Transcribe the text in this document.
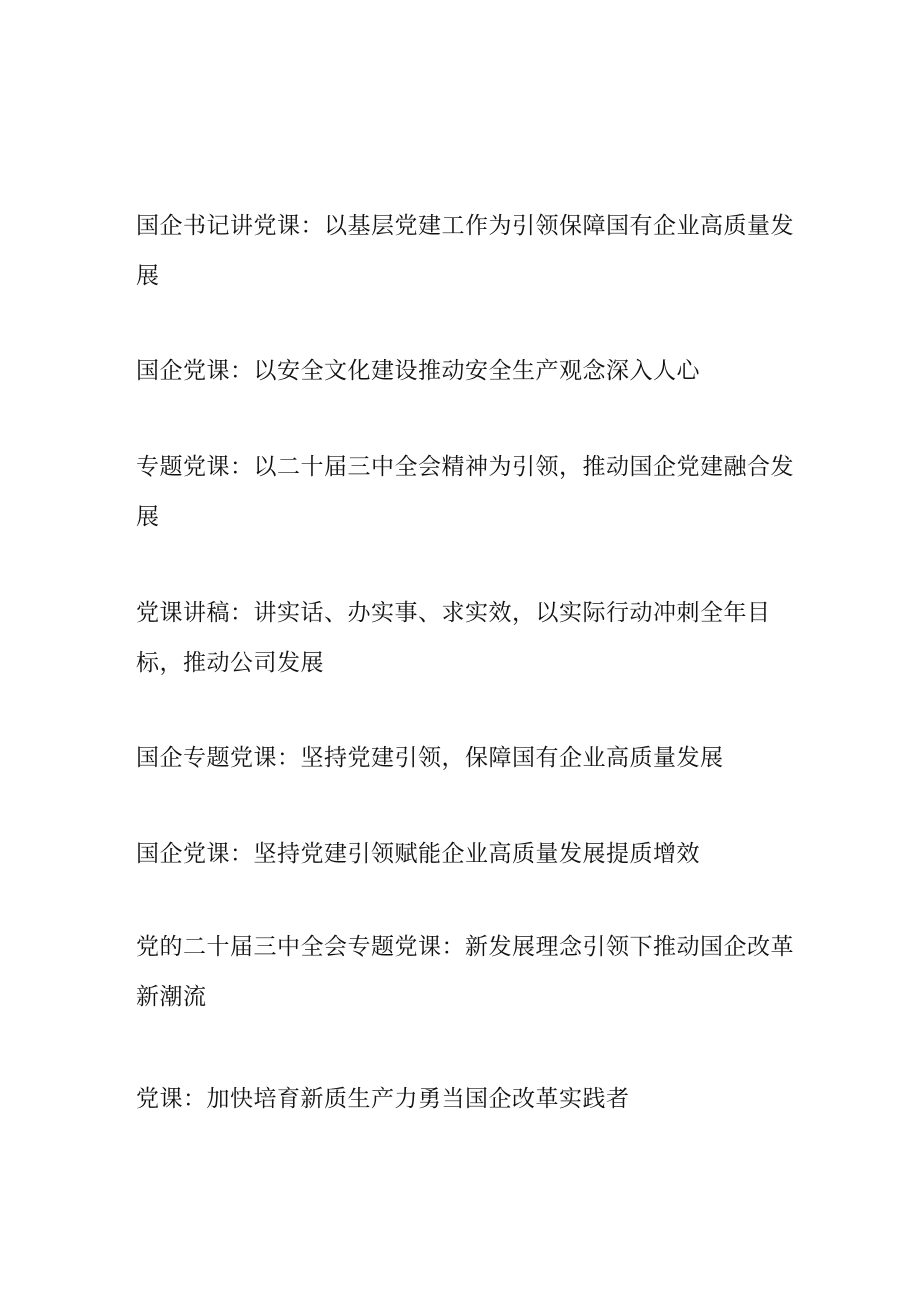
国企书记讲党课：以基层党建工作为引领保障国有企业高质量发展

国企党课：以安全文化建设推动安全生产观念深入人心

专题党课：以二十届三中全会精神为引领，推动国企党建融合发展

党课讲稿：讲实话、办实事、求实效，以实际行动冲刺全年目标，推动公司发展

国企专题党课：坚持党建引领，保障国有企业高质量发展

国企党课：坚持党建引领赋能企业高质量发展提质增效

党的二十届三中全会专题党课：新发展理念引领下推动国企改革新潮流

党课：加快培育新质生产力勇当国企改革实践者
